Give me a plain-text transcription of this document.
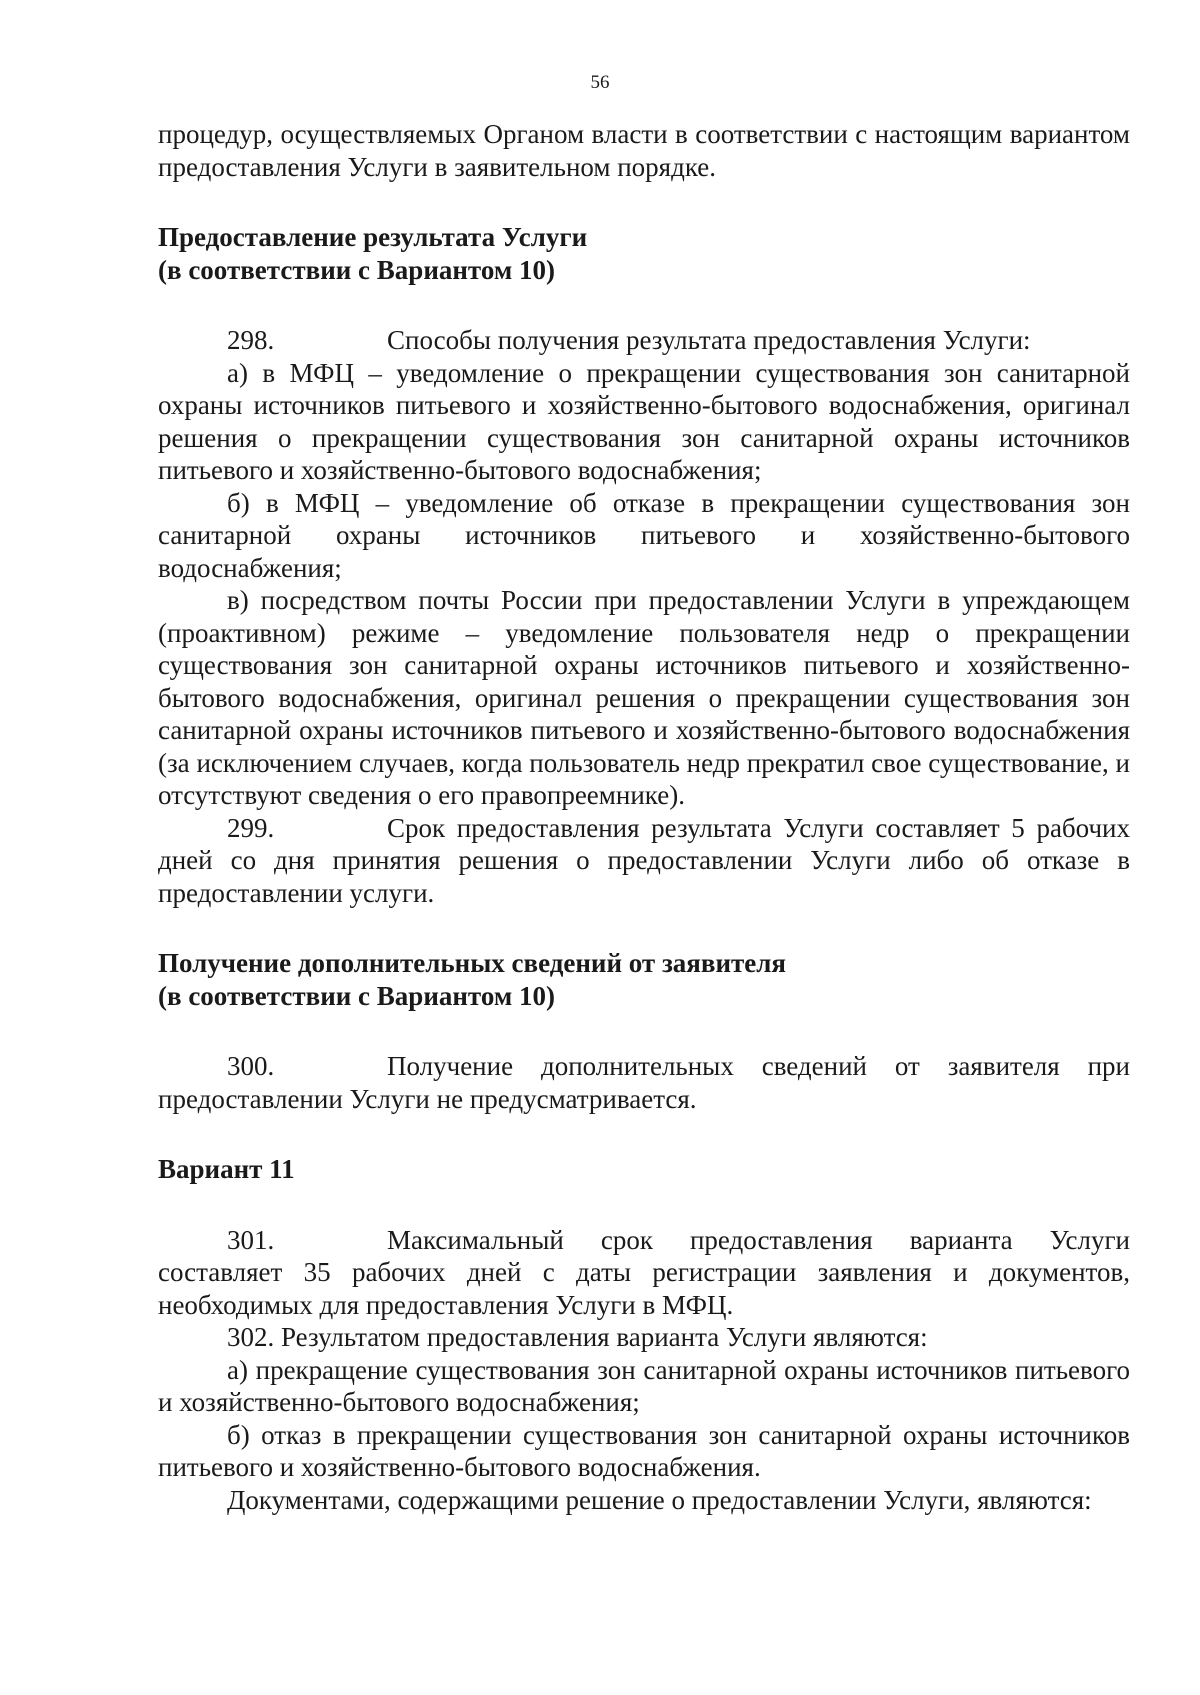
56

процедур, осуществляемых Органом власти в соответствии с настоящим вариантом предоставления Услуги в заявительном порядке.

Предоставление результата Услуги
(в соответствии с Вариантом 10)

298.	Способы получения результата предоставления Услуги:

а) в МФЦ – уведомление о прекращении существования зон санитарной охраны источников питьевого и хозяйственно-бытового водоснабжения, оригинал решения о прекращении существования зон санитарной охраны источников питьевого и хозяйственно-бытового водоснабжения;

б) в МФЦ – уведомление об отказе в прекращении существования зон санитарной охраны источников питьевого и хозяйственно-бытового водоснабжения;

в) посредством почты России при предоставлении Услуги в упреждающем (проактивном) режиме – уведомление пользователя недр о прекращении существования зон санитарной охраны источников питьевого и хозяйственно-бытового водоснабжения, оригинал решения о прекращении существования зон санитарной охраны источников питьевого и хозяйственно-бытового водоснабжения (за исключением случаев, когда пользователь недр прекратил свое существование, и отсутствуют сведения о его правопреемнике).

299.	Срок предоставления результата Услуги составляет 5 рабочих дней со дня принятия решения о предоставлении Услуги либо об отказе в предоставлении услуги.

Получение дополнительных сведений от заявителя
(в соответствии с Вариантом 10)

300.	Получение дополнительных сведений от заявителя при предоставлении Услуги не предусматривается.

Вариант 11

301.	Максимальный срок предоставления варианта Услуги составляет 35 рабочих дней с даты регистрации заявления и документов, необходимых для предоставления Услуги в МФЦ.

302. Результатом предоставления варианта Услуги являются:

а) прекращение существования зон санитарной охраны источников питьевого и хозяйственно-бытового водоснабжения;

б) отказ в прекращении существования зон санитарной охраны источников питьевого и хозяйственно-бытового водоснабжения.

Документами, содержащими решение о предоставлении Услуги, являются:
